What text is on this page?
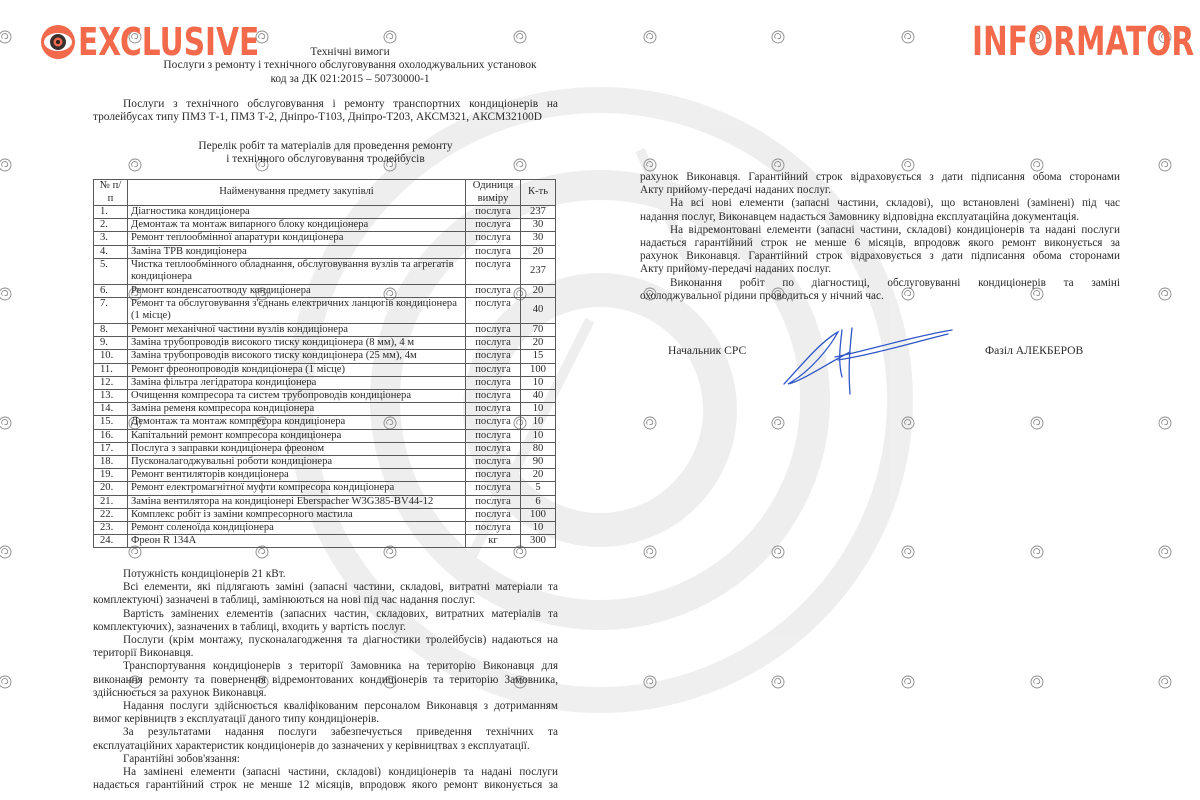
EXCLUSIVE	INFORMATOR
Технічні вимоги
Послуги з ремонту і технічного обслуговування охолоджувальних установок
код за ДК 021:2015 – 50730000-1
Послуги з технічного обслуговування і ремонту транспортних кондиціонерів на
тролейбусах типу ПМЗ Т-1, ПМЗ Т-2, Дніпро-Т103, Дніпро-Т203, АКСМ321, АКСМ32100D
Перелік робіт та матеріалів для проведення ремонту
і технічного обслуговування тролейбусів
№ п/п	Найменування предмету закупівлі	Одиниця виміру	К-ть
1.	Діагностика кондиціонера	послуга	237
2.	Демонтаж та монтаж випарного блоку кондиціонера	послуга	30
3.	Ремонт теплообмінної апаратури кондиціонера	послуга	30
4.	Заміна ТРВ кондиціонера	послуга	20
5.	Чистка теплообмінного обладнання, обслуговування вузлів та агрегатів кондиціонера	послуга	237
6.	Ремонт конденсатоотводу кондиціонера	послуга	20
7.	Ремонт та обслуговування з'єднань електричних ланцюгів кондиціонера (1 місце)	послуга	40
8.	Ремонт механічної частини вузлів кондиціонера	послуга	70
9.	Заміна трубопроводів високого тиску кондиціонера (8 мм), 4 м	послуга	20
10.	Заміна трубопроводів високого тиску кондиціонера (25 мм), 4м	послуга	15
11.	Ремонт фреонопроводів кондиціонера (1 місце)	послуга	100
12.	Заміна фільтра легідратора кондиціонера	послуга	10
13.	Очищення компресора та систем трубопроводів кондиціонера	послуга	40
14.	Заміна ременя компресора кондиціонера	послуга	10
15.	Демонтаж та монтаж компресора кондиціонера	послуга	10
16.	Капітальний ремонт компресора кондиціонера	послуга	10
17.	Послуга з заправки кондиціонера фреоном	послуга	80
18.	Пусконалагоджувальні роботи кондиціонера	послуга	90
19.	Ремонт вентиляторів кондиціонера	послуга	20
20.	Ремонт електромагнітної муфти компресора кондиціонера	послуга	5
21.	Заміна вентилятора на кондиціонері Eberspacher W3G385-BV44-12	послуга	6
22.	Комплекс робіт із заміни компресорного мастила	послуга	100
23.	Ремонт соленоїда кондиціонера	послуга	10
24.	Фреон R 134A	кг	300
Потужність кондиціонерів 21 кВт.
Всі елементи, які підлягають заміні (запасні частини, складові, витратні матеріали та
комплектуючі) зазначені в таблиці, замінюються на нові під час надання послуг.
Вартість замінених елементів (запасних частин, складових, витратних матеріалів та
комплектуючих), зазначених в таблиці, входить у вартість послуг.
Послуги (крім монтажу, пусконалагодження та діагностики тролейбусів) надаються на
території Виконавця.
Транспортування кондиціонерів з території Замовника на територію Виконавця для
виконання ремонту та повернення відремонтованих кондиціонерів та територію Замовника,
здійснюється за рахунок Виконавця.
Надання послуги здійснюється кваліфікованим персоналом Виконавця з дотриманням
вимог керівництв з експлуатації даного типу кондиціонерів.
За результатами надання послуги забезпечується приведення технічних та
експлуатаційних характеристик кондиціонерів до зазначених у керівництвах з експлуатації.
Гарантійні зобов'язання:
На замінені елементи (запасні частини, складові) кондиціонерів та надані послуги
надається гарантійний строк не менше 12 місяців, впродовж якого ремонт виконується за
рахунок Виконавця. Гарантійний строк відраховується з дати підписання обома сторонами
Акту прийому-передачі наданих послуг.
На всі нові елементи (запасні частини, складові), що встановлені (замінені) під час
надання послуг, Виконавцем надається Замовнику відповідна експлуатаційна документація.
На відремонтовані елементи (запасні частини, складові) кондиціонерів та надані послуги
надається гарантійний строк не менше 6 місяців, впродовж якого ремонт виконується за
рахунок Виконавця. Гарантійний строк відраховується з дати підписання обома сторонами
Акту прийому-передачі наданих послуг.
Виконання робіт по діагностиці, обслуговуванні кондиціонерів та заміні
охолоджувальної рідини проводиться у нічний час.
Начальник СРС	Фазіл АЛЕКБЕРОВ
